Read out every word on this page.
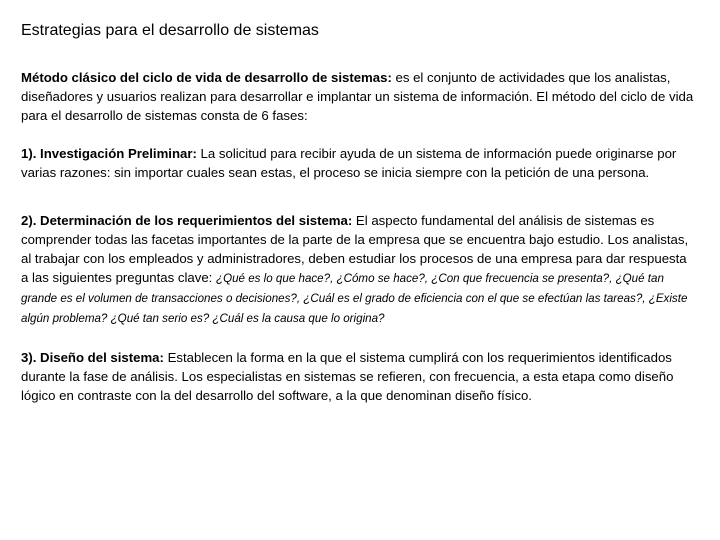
Estrategias para el desarrollo de sistemas
Método clásico del ciclo de vida de desarrollo de sistemas: es el conjunto de actividades que los analistas, diseñadores y usuarios realizan para desarrollar e implantar un sistema de información. El método del ciclo de vida para el desarrollo de sistemas consta de 6 fases:
1). Investigación Preliminar: La solicitud para recibir ayuda de un sistema de información puede originarse por varias razones: sin importar cuales sean estas, el proceso se inicia siempre con la petición de una persona.
2). Determinación de los requerimientos del sistema: El aspecto fundamental del análisis de sistemas es comprender todas las facetas importantes de la parte de la empresa que se encuentra bajo estudio. Los analistas, al trabajar con los empleados y administradores, deben estudiar los procesos de una empresa para dar respuesta a las siguientes preguntas clave: ¿Qué es lo que hace?, ¿Cómo se hace?, ¿Con que frecuencia se presenta?, ¿Qué tan grande es el volumen de transacciones o decisiones?, ¿Cuál es el grado de eficiencia con el que se efectúan las tareas?, ¿Existe algún problema? ¿Qué tan serio es? ¿Cuál es la causa que lo origina?
3). Diseño del sistema: Establecen la forma en la que el sistema cumplirá con los requerimientos identificados durante la fase de análisis. Los especialistas en sistemas se refieren, con frecuencia, a esta etapa como diseño lógico en contraste con la del desarrollo del software, a la que denominan diseño físico.
